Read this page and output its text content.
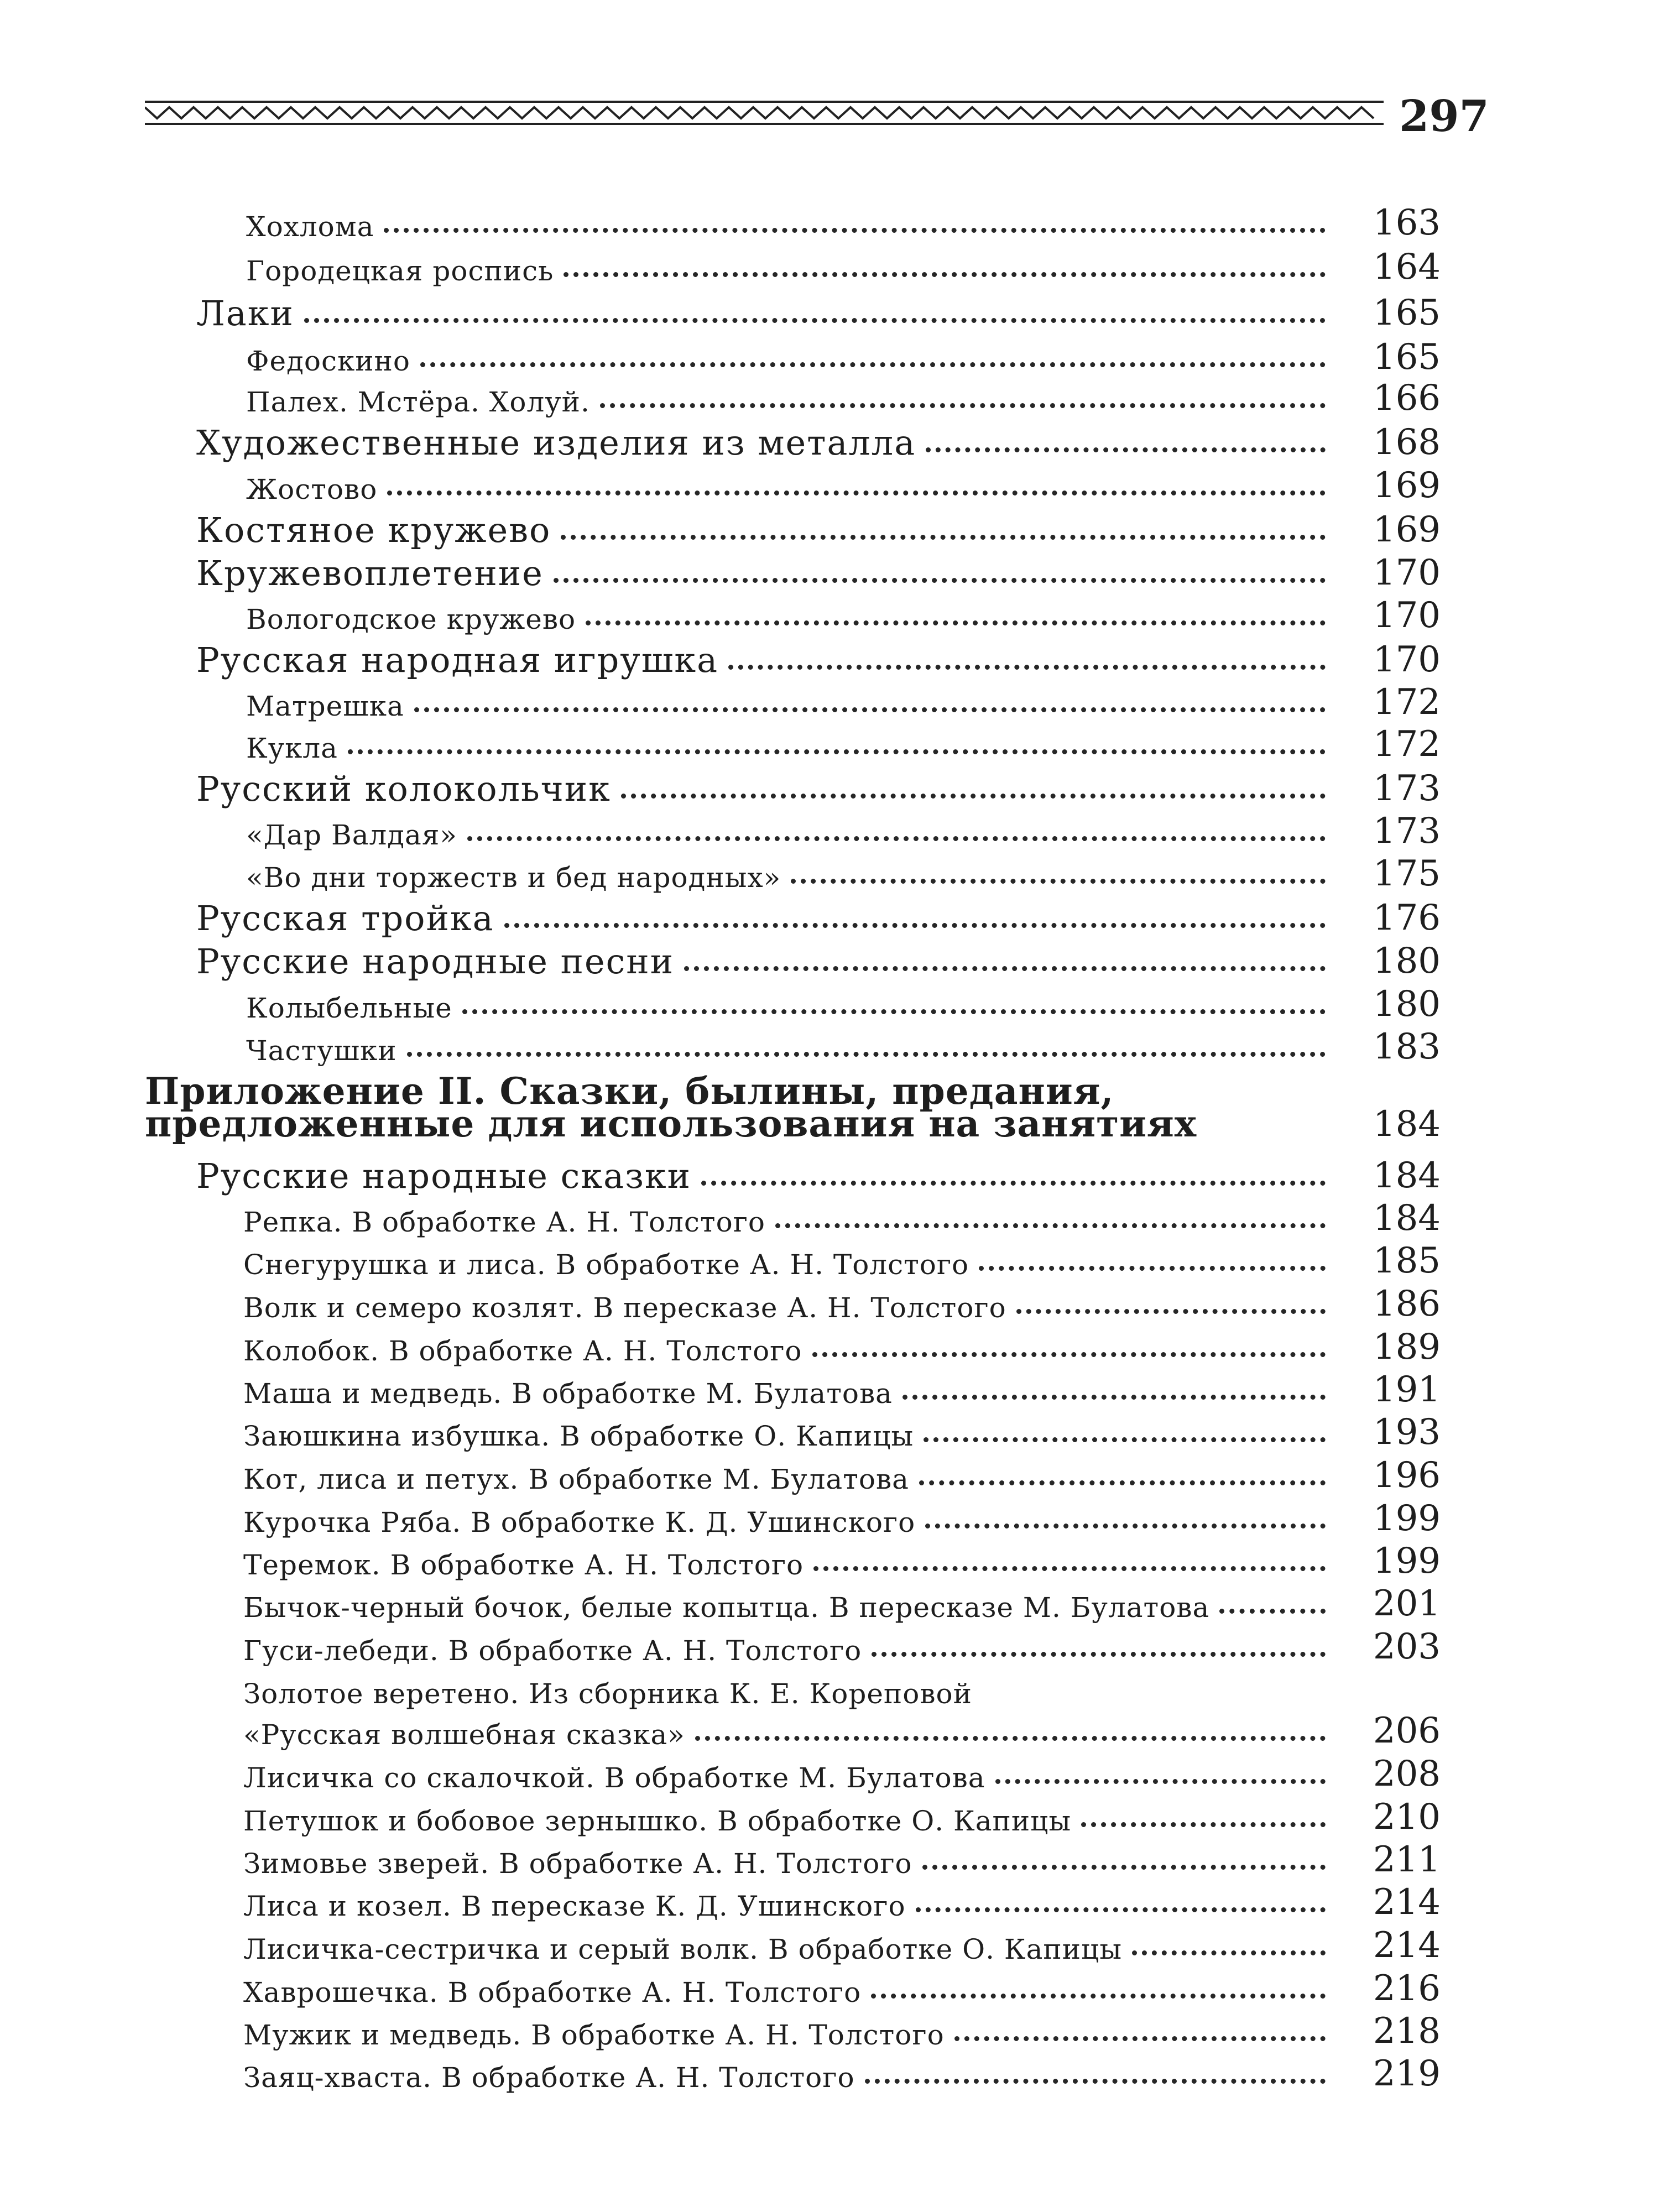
297
Хохлома	163
Городецкая роспись	164
Лаки	165
Федоскино	165
Палех. Мстёра. Холуй.	166
Художественные изделия из металла	168
Жостово	169
Костяное кружево	169
Кружевоплетение	170
Вологодское кружево	170
Русская народная игрушка	170
Матрешка	172
Кукла	172
Русский колокольчик	173
«Дар Валдая»	173
«Во дни торжеств и бед народных»	175
Русская тройка	176
Русские народные песни	180
Колыбельные	180
Частушки	183
Приложение II. Сказки, былины, предания,
предложенные для использования на занятиях	184
Русские народные сказки	184
Репка. В обработке А. Н. Толстого	184
Снегурушка и лиса. В обработке А. Н. Толстого	185
Волк и семеро козлят. В пересказе А. Н. Толстого	186
Колобок. В обработке А. Н. Толстого	189
Маша и медведь. В обработке М. Булатова	191
Заюшкина избушка. В обработке О. Капицы	193
Кот, лиса и петух. В обработке М. Булатова	196
Курочка Ряба. В обработке К. Д. Ушинского	199
Теремок. В обработке А. Н. Толстого	199
Бычок-черный бочок, белые копытца. В пересказе М. Булатова	201
Гуси-лебеди. В обработке А. Н. Толстого	203
Золотое веретено. Из сборника К. Е. Кореповой
«Русская волшебная сказка»	206
Лисичка со скалочкой. В обработке М. Булатова	208
Петушок и бобовое зернышко. В обработке О. Капицы	210
Зимовье зверей. В обработке А. Н. Толстого	211
Лиса и козел. В пересказе К. Д. Ушинского	214
Лисичка-сестричка и серый волк. В обработке О. Капицы	214
Хаврошечка. В обработке А. Н. Толстого	216
Мужик и медведь. В обработке А. Н. Толстого	218
Заяц-хваста. В обработке А. Н. Толстого	219
